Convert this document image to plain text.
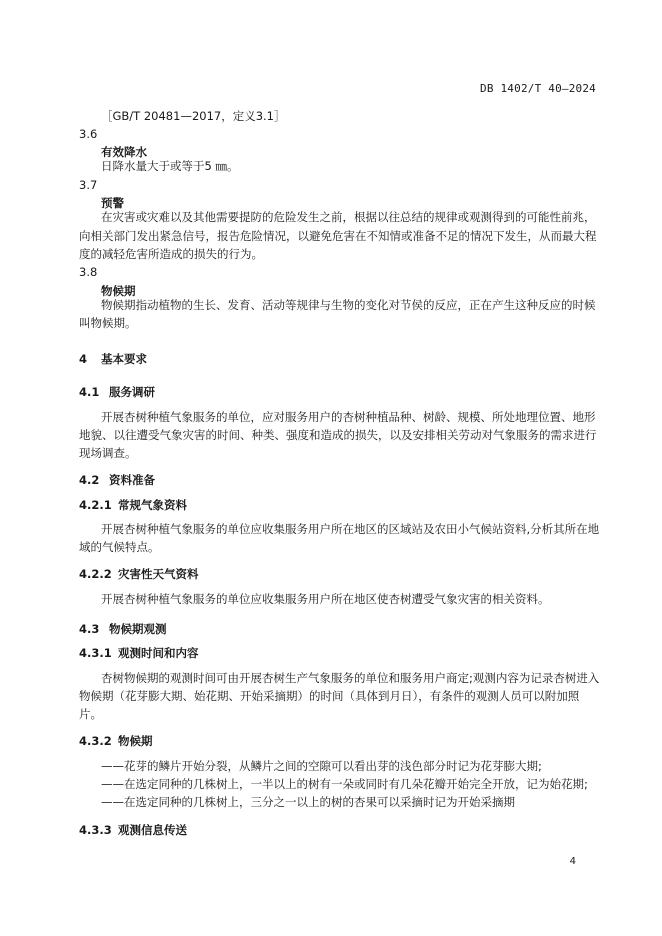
DB 1402/T 40—2024
［GB/T 20481—2017，定义3.1］
3.6
有效降水
日降水量大于或等于5 ㎜。
3.7
预警
在灾害或灾难以及其他需要提防的危险发生之前，根据以往总结的规律或观测得到的可能性前兆，
向相关部门发出紧急信号，报告危险情况，以避免危害在不知情或准备不足的情况下发生，从而最大程
度的减轻危害所造成的损失的行为。
3.8
物候期
物候期指动植物的生长、发育、活动等规律与生物的变化对节侯的反应，正在产生这种反应的时候
叫物候期。
4 基本要求
4.1 服务调研
开展杏树种植气象服务的单位，应对服务用户的杏树种植品种、树龄、规模、所处地理位置、地形地貌、以往遭受气象灾害的时间、种类、强度和造成的损失，以及安排相关劳动对气象服务的需求进行现场调查。
4.2 资料准备
4.2.1 常规气象资料
开展杏树种植气象服务的单位应收集服务用户所在地区的区域站及农田小气候站资料,分析其所在地域的气候特点。
4.2.2 灾害性天气资料
开展杏树种植气象服务的单位应收集服务用户所在地区使杏树遭受气象灾害的相关资料。
4.3 物候期观测
4.3.1 观测时间和内容
杏树物候期的观测时间可由开展杏树生产气象服务的单位和服务用户商定;观测内容为记录杏树进入物候期（花芽膨大期、始花期、开始采摘期）的时间（具体到月日），有条件的观测人员可以附加照片。
4.3.2 物候期
——花芽的鳞片开始分裂，从鳞片之间的空隙可以看出芽的浅色部分时记为花芽膨大期;
——在选定同种的几株树上，一半以上的树有一朵或同时有几朵花瓣开始完全开放，记为始花期;
——在选定同种的几株树上，三分之一以上的树的杏果可以采摘时记为开始采摘期
4.3.3 观测信息传送
4
